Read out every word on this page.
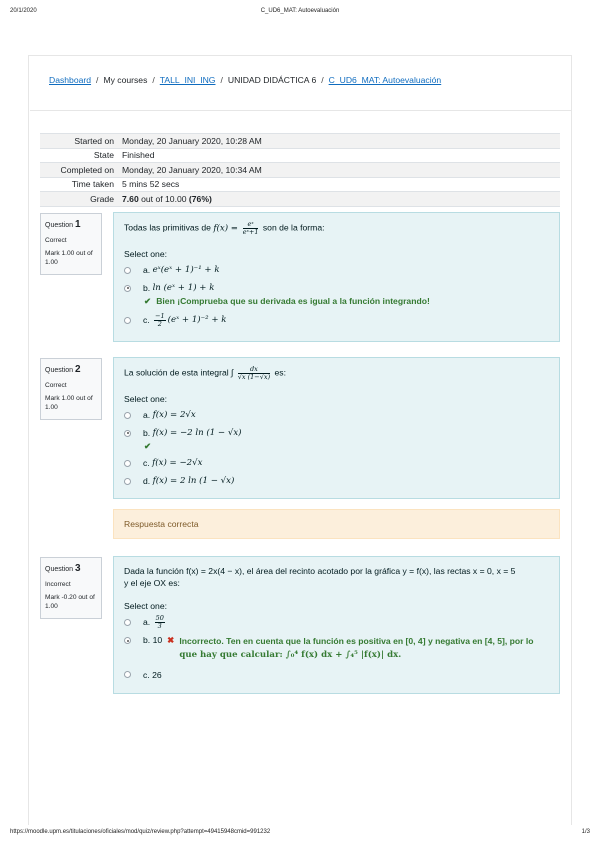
20/1/2020	C_UD6_MAT: Autoevaluación
Dashboard / My courses / TALL_INI_ING / UNIDAD DIDÁCTICA 6 / C_UD6_MAT: Autoevaluación
Started on Monday, 20 January 2020, 10:28 AM
State Finished
Completed on Monday, 20 January 2020, 10:34 AM
Time taken 5 mins 52 secs
Grade 7.60 out of 10.00 (76%)
Question 1
Correct
Mark 1.00 out of 1.00
Todas las primitivas de $f(x) = \frac{\text{eˣ}}{\text{eˣ+1}}$ son de la forma:
Select one:
a.
eˣ(eˣ + 1)⁻¹ + k
b.
ln (eˣ + 1) + k
✔ Bien ¡Comprueba que su derivada es igual a la función integrando!
c.
$\frac{-1}{2}$ (eˣ + 1)⁻² + k
Question 2
Correct
Mark 1.00 out of 1.00
La solución de esta integral ∫ $\frac{dx}{√x (1-√x)}$ es:
Select one:
a.
f(x) = 2√x
b.
f(x) = −2 ln (1 − √x)
✔
c.
f(x) = −2√x
d.
f(x) = 2 ln (1 − √x)
Respuesta correcta
Question 3
Incorrect
Mark -0.20 out of 1.00
Dada la función f(x) = 2x(4 − x), el área del recinto acotado por la gráfica y = f(x), las rectas x = 0, x = 5
y el eje OX es:
Select one:
a.
$\frac{50}{3}$
b.
10 ✖ Incorrecto. Ten en cuenta que la función es positiva en [0, 4] y negativa en [4, 5], por lo
que hay que calcular: ∫₀⁴ f(x) dx + ∫₄⁵ |f(x)| dx.
c.
26
https://moodle.upm.es/titulaciones/oficiales/mod/quiz/review.php?attempt=49415948cmid=991232	1/3
